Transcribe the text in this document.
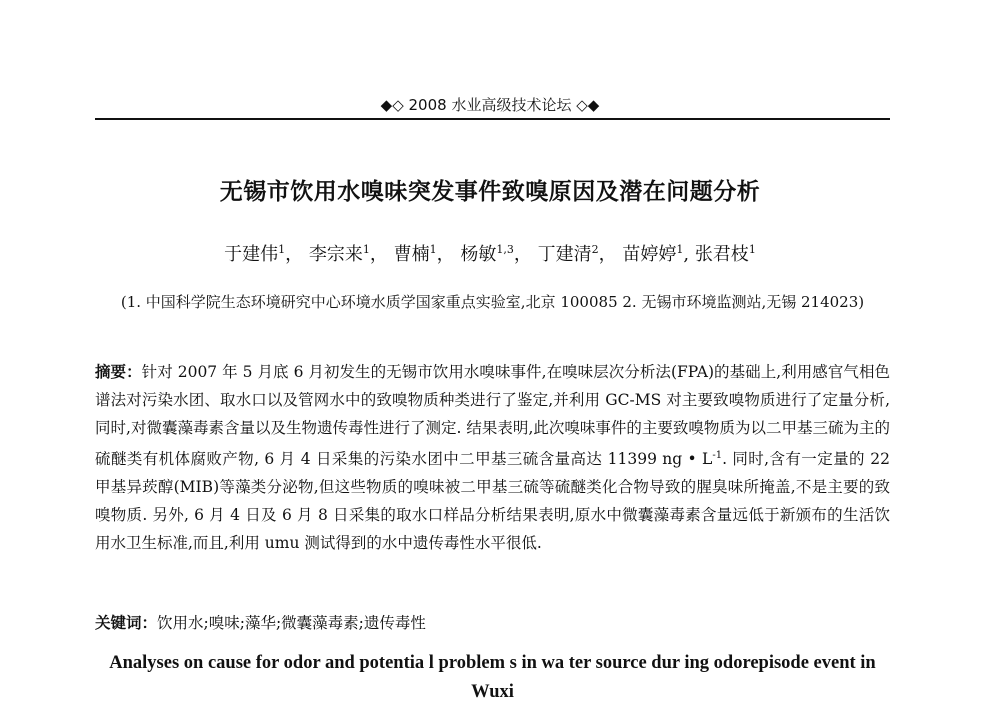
◆◇ 2008 水业高级技术论坛 ◇◆
无锡市饮用水嗅味突发事件致嗅原因及潜在问题分析
于建伟$^1$， 李宗来$^1$， 曹楠$^1$， 杨敏$^{1,3}$， 丁建清$^2$， 苗婷婷$^1$, 张君枝$^1$
(1. 中国科学院生态环境研究中心环境水质学国家重点实验室,北京 100085 2. 无锡市环境监测站,无锡 214023)
摘要：针对 2007 年 5 月底 6 月初发生的无锡市饮用水嗅味事件,在嗅味层次分析法(FPA)的基础上,利用感官气相色谱法对污染水团、取水口以及管网水中的致嗅物质种类进行了鉴定,并利用 GC-MS 对主要致嗅物质进行了定量分析,同时,对微囊藻毒素含量以及生物遗传毒性进行了测定. 结果表明,此次嗅味事件的主要致嗅物质为以二甲基三硫为主的硫醚类有机体腐败产物, 6 月 4 日采集的污染水团中二甲基三硫含量高达 11399 ng • $L^{-1}$. 同时,含有一定量的 22 甲基异莰醇(MIB)等藻类分泌物,但这些物质的嗅味被二甲基三硫等硫醚类化合物导致的腥臭味所掩盖,不是主要的致嗅物质. 另外, 6 月 4 日及 6 月 8 日采集的取水口样品分析结果表明,原水中微囊藻毒素含量远低于新颁布的生活饮用水卫生标准,而且,利用 umu 测试得到的水中遗传毒性水平很低.
关键词：饮用水;嗅味;藻华;微囊藻毒素;遗传毒性
Analyses on cause for odor and potentia l problem s in wa ter source dur ing odorepisode event in Wuxi
